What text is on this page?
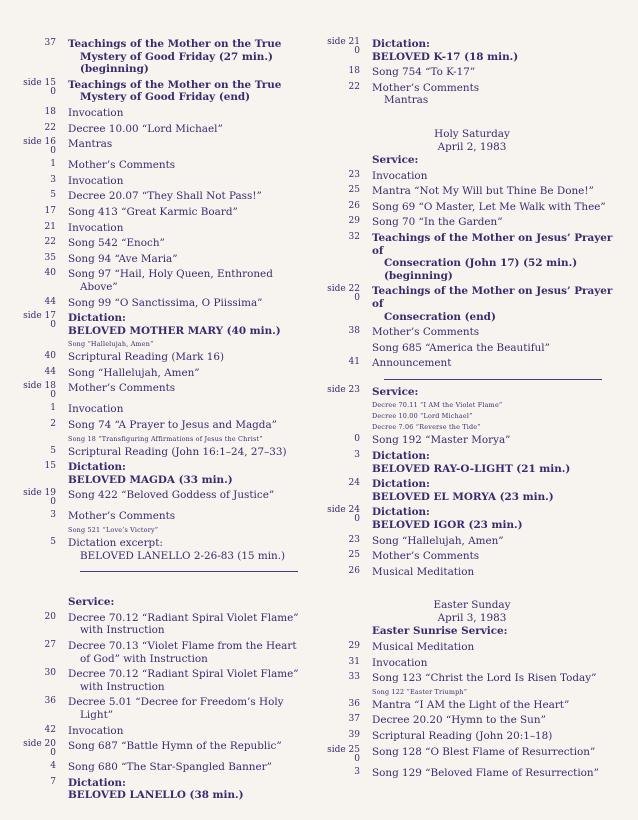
37 Teachings of the Mother on the True
Mystery of Good Friday (27 min.)
(beginning)
side 15
0
Teachings of the Mother on the True
Mystery of Good Friday (end)
18 Invocation
22 Decree 10.00 “Lord Michael”
side 16
0
Mantras
1 Mother’s Comments
3 Invocation
5 Decree 20.07 “They Shall Not Pass!”
17 Song 413 “Great Karmic Board”
21 Invocation
22 Song 542 “Enoch”
35 Song 94 “Ave Maria”
40 Song 97 “Hail, Holy Queen, Enthroned
Above”
44 Song 99 “O Sanctissima, O Piissima”
side 17
0
Dictation:
BELOVED MOTHER MARY (40 min.)
Song “Hallelujah, Amen”
40 Scriptural Reading (Mark 16)
44 Song “Hallelujah, Amen”
side 18
0
Mother’s Comments
1 Invocation
2 Song 74 “A Prayer to Jesus and Magda”
Song 18 “Transfiguring Affirmations of Jesus the Christ”
5 Scriptural Reading (John 16:1–24, 27–33)
15 Dictation:
BELOVED MAGDA (33 min.)
side 19
0
Song 422 “Beloved Goddess of Justice”
3 Mother’s Comments
Song 521 “Love’s Victory”
5 Dictation excerpt:
BELOVED LANELLO 2-26-83 (15 min.)
Service:
20 Decree 70.12 “Radiant Spiral Violet Flame”
with Instruction
27 Decree 70.13 “Violet Flame from the Heart
of God” with Instruction
30 Decree 70.12 “Radiant Spiral Violet Flame”
with Instruction
36 Decree 5.01 “Decree for Freedom’s Holy
Light”
42 Invocation
side 20
0
Song 687 “Battle Hymn of the Republic”
4 Song 680 “The Star-Spangled Banner”
7 Dictation:
BELOVED LANELLO (38 min.)
side 21
0
Dictation:
BELOVED K-17 (18 min.)
18 Song 754 “To K-17”
22 Mother’s Comments
Mantras
Holy Saturday
April 2, 1983
Service:
23 Invocation
25 Mantra “Not My Will but Thine Be Done!”
26 Song 69 “O Master, Let Me Walk with Thee”
29 Song 70 “In the Garden”
32 Teachings of the Mother on Jesus’ Prayer of
Consecration (John 17) (52 min.)
(beginning)
side 22
0
Teachings of the Mother on Jesus’ Prayer of
Consecration (end)
38 Mother’s Comments
Song 685 “America the Beautiful”
41 Announcement
side 23 Service:
Decree 70.11 “I AM the Violet Flame”
Decree 10.00 “Lord Michael”
Decree 7.06 “Reverse the Tide”
0 Song 192 “Master Morya”
3 Dictation:
BELOVED RAY-O-LIGHT (21 min.)
24 Dictation:
BELOVED EL MORYA (23 min.)
side 24
0
Dictation:
BELOVED IGOR (23 min.)
23 Song “Hallelujah, Amen”
25 Mother’s Comments
26 Musical Meditation
Easter Sunday
April 3, 1983
Easter Sunrise Service:
29 Musical Meditation
31 Invocation
33 Song 123 “Christ the Lord Is Risen Today”
Song 122 “Easter Triumph”
36 Mantra “I AM the Light of the Heart”
37 Decree 20.20 “Hymn to the Sun”
39 Scriptural Reading (John 20:1–18)
side 25
0
Song 128 “O Blest Flame of Resurrection”
3 Song 129 “Beloved Flame of Resurrection”
